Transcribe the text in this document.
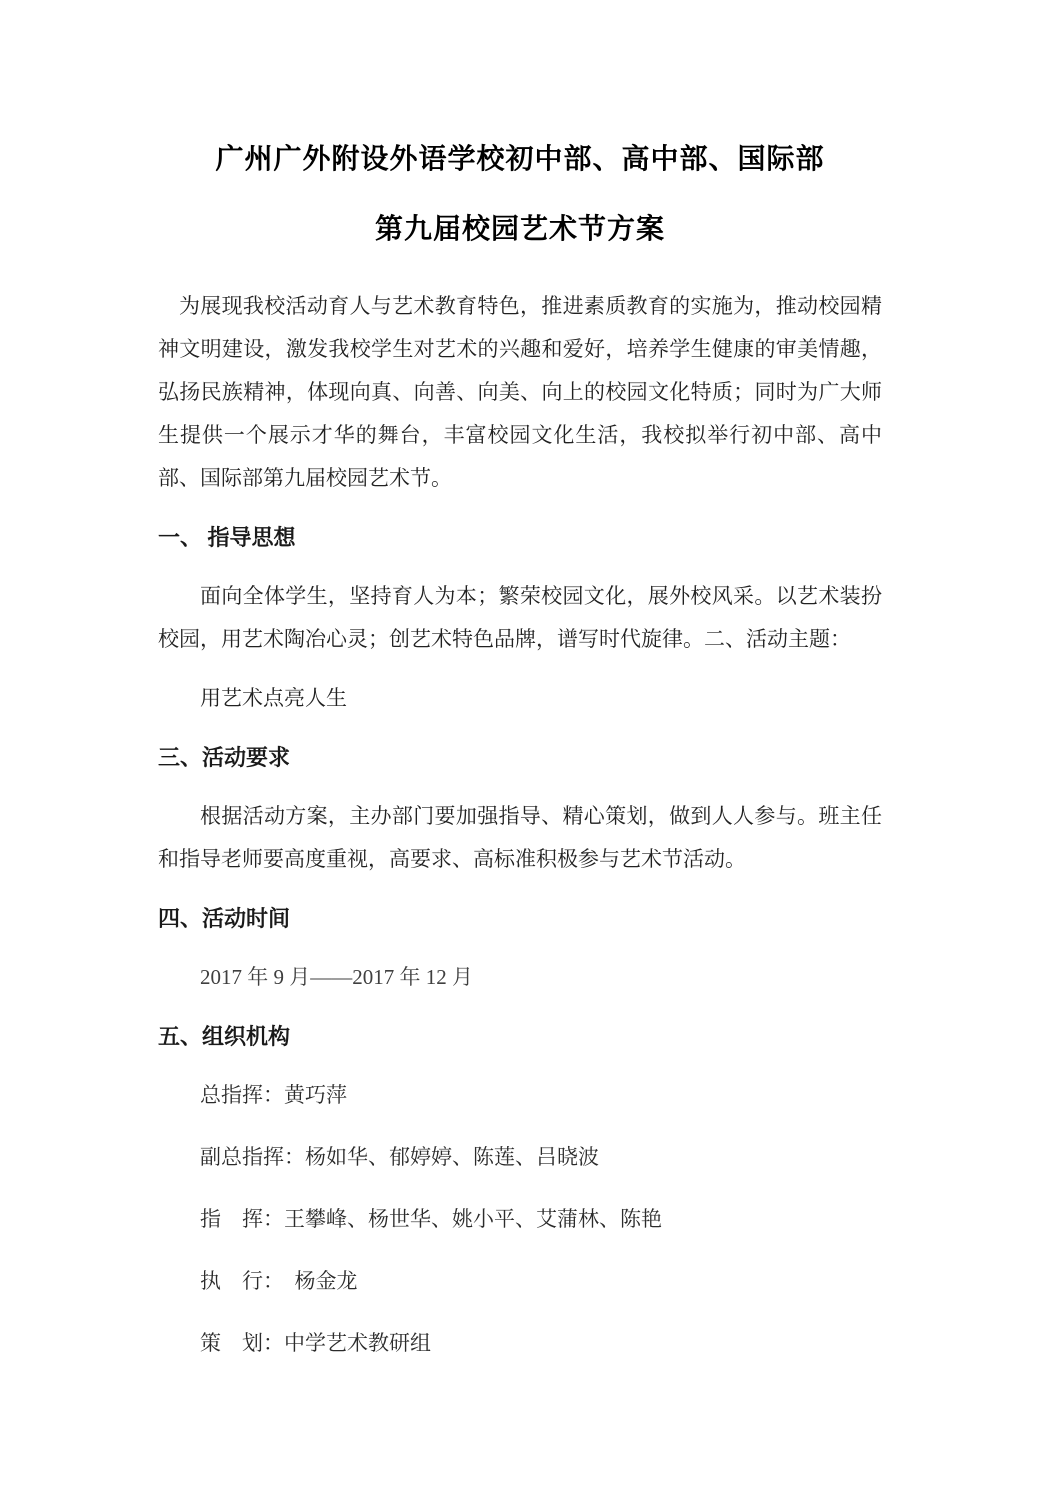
广州广外附设外语学校初中部、高中部、国际部
第九届校园艺术节方案

为展现我校活动育人与艺术教育特色，推进素质教育的实施为，推动校园精神文明建设，激发我校学生对艺术的兴趣和爱好，培养学生健康的审美情趣，弘扬民族精神，体现向真、向善、向美、向上的校园文化特质；同时为广大师生提供一个展示才华的舞台，丰富校园文化生活，我校拟举行初中部、高中部、国际部第九届校园艺术节。

一、 指导思想

面向全体学生，坚持育人为本；繁荣校园文化，展外校风采。以艺术装扮校园，用艺术陶冶心灵；创艺术特色品牌，谱写时代旋律。二、活动主题：

用艺术点亮人生

三、活动要求

根据活动方案，主办部门要加强指导、精心策划，做到人人参与。班主任和指导老师要高度重视，高要求、高标准积极参与艺术节活动。

四、活动时间

2017 年 9 月——2017 年 12 月

五、组织机构

总指挥：黄巧萍

副总指挥：杨如华、郁婷婷、陈莲、吕晓波

指　挥：王攀峰、杨世华、姚小平、艾蒲林、陈艳

执　行：　杨金龙

策　划：中学艺术教研组
